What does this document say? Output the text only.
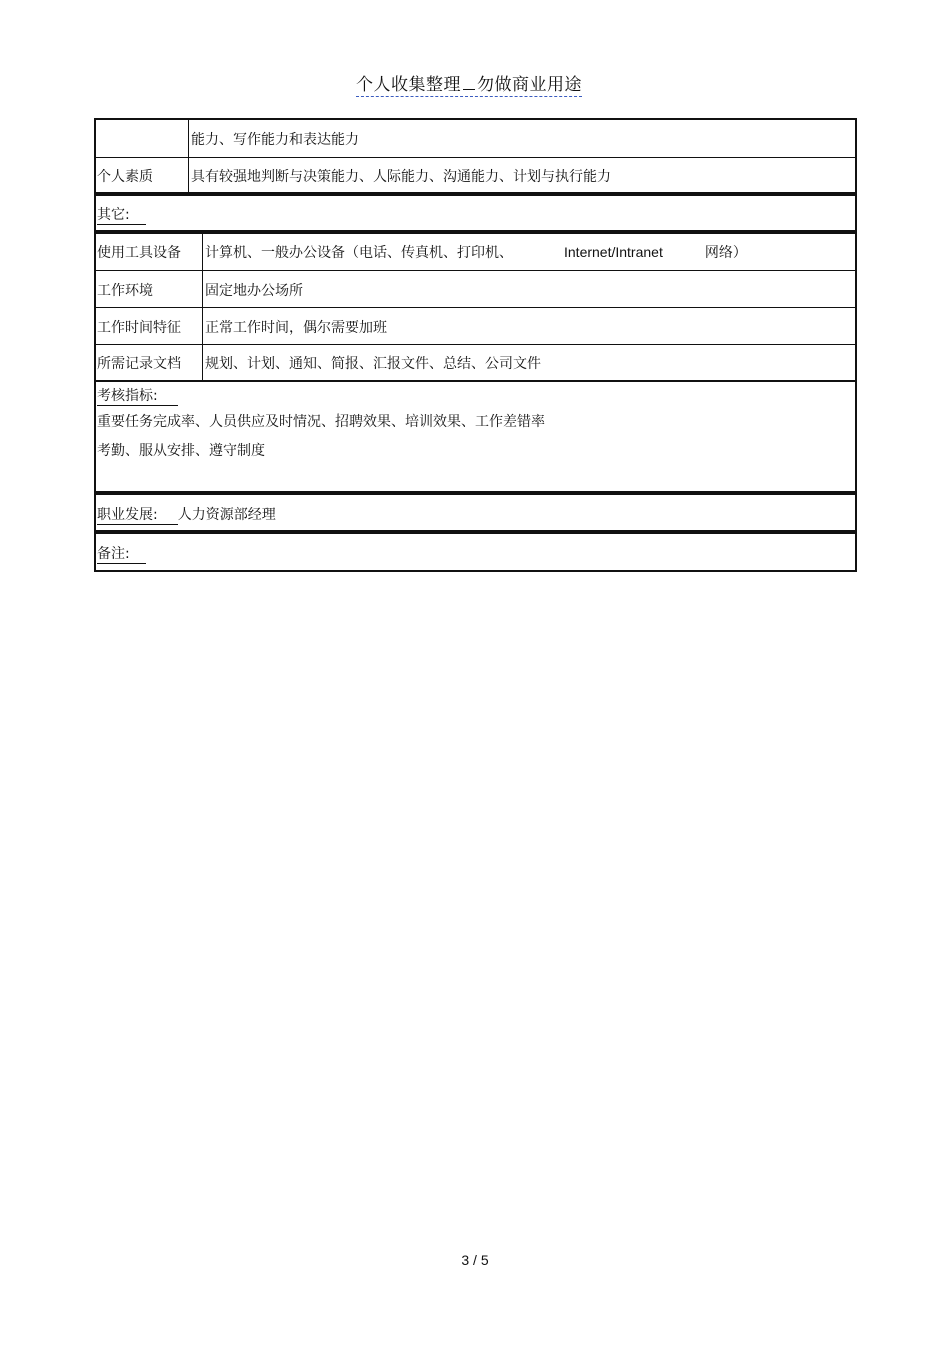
个人收集整理 勿做商业用途
能力、写作能力和表达能力
个人素质	具有较强地判断与决策能力、人际能力、沟通能力、计划与执行能力
其它:
使用工具设备 计算机、一般办公设备（电话、传真机、打印机、	Internet/Intranet	网络）
工作环境	固定地办公场所
工作时间特征 正常工作时间，偶尔需要加班
所需记录文档 规划、计划、通知、简报、汇报文件、总结、公司文件
考核指标:
重要任务完成率、人员供应及时情况、招聘效果、培训效果、工作差错率
考勤、服从安排、遵守制度
职业发展: 人力资源部经理
备注:
3 / 5
